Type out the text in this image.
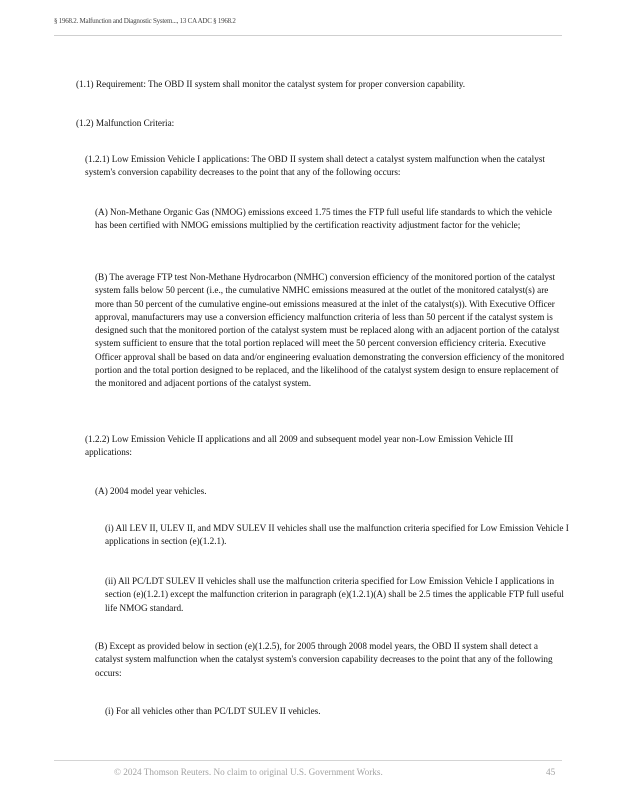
§ 1968.2. Malfunction and Diagnostic System..., 13 CA ADC § 1968.2

(1.1) Requirement: The OBD II system shall monitor the catalyst system for proper conversion capability.

(1.2) Malfunction Criteria:

(1.2.1) Low Emission Vehicle I applications: The OBD II system shall detect a catalyst system malfunction when the catalyst system's conversion capability decreases to the point that any of the following occurs:

(A) Non-Methane Organic Gas (NMOG) emissions exceed 1.75 times the FTP full useful life standards to which the vehicle has been certified with NMOG emissions multiplied by the certification reactivity adjustment factor for the vehicle;

(B) The average FTP test Non-Methane Hydrocarbon (NMHC) conversion efficiency of the monitored portion of the catalyst system falls below 50 percent (i.e., the cumulative NMHC emissions measured at the outlet of the monitored catalyst(s) are more than 50 percent of the cumulative engine-out emissions measured at the inlet of the catalyst(s)). With Executive Officer approval, manufacturers may use a conversion efficiency malfunction criteria of less than 50 percent if the catalyst system is designed such that the monitored portion of the catalyst system must be replaced along with an adjacent portion of the catalyst system sufficient to ensure that the total portion replaced will meet the 50 percent conversion efficiency criteria. Executive Officer approval shall be based on data and/or engineering evaluation demonstrating the conversion efficiency of the monitored portion and the total portion designed to be replaced, and the likelihood of the catalyst system design to ensure replacement of the monitored and adjacent portions of the catalyst system.

(1.2.2) Low Emission Vehicle II applications and all 2009 and subsequent model year non-Low Emission Vehicle III applications:

(A) 2004 model year vehicles.

(i) All LEV II, ULEV II, and MDV SULEV II vehicles shall use the malfunction criteria specified for Low Emission Vehicle I applications in section (e)(1.2.1).

(ii) All PC/LDT SULEV II vehicles shall use the malfunction criteria specified for Low Emission Vehicle I applications in section (e)(1.2.1) except the malfunction criterion in paragraph (e)(1.2.1)(A) shall be 2.5 times the applicable FTP full useful life NMOG standard.

(B) Except as provided below in section (e)(1.2.5), for 2005 through 2008 model years, the OBD II system shall detect a catalyst system malfunction when the catalyst system's conversion capability decreases to the point that any of the following occurs:

(i) For all vehicles other than PC/LDT SULEV II vehicles.

© 2024 Thomson Reuters. No claim to original U.S. Government Works.	45
